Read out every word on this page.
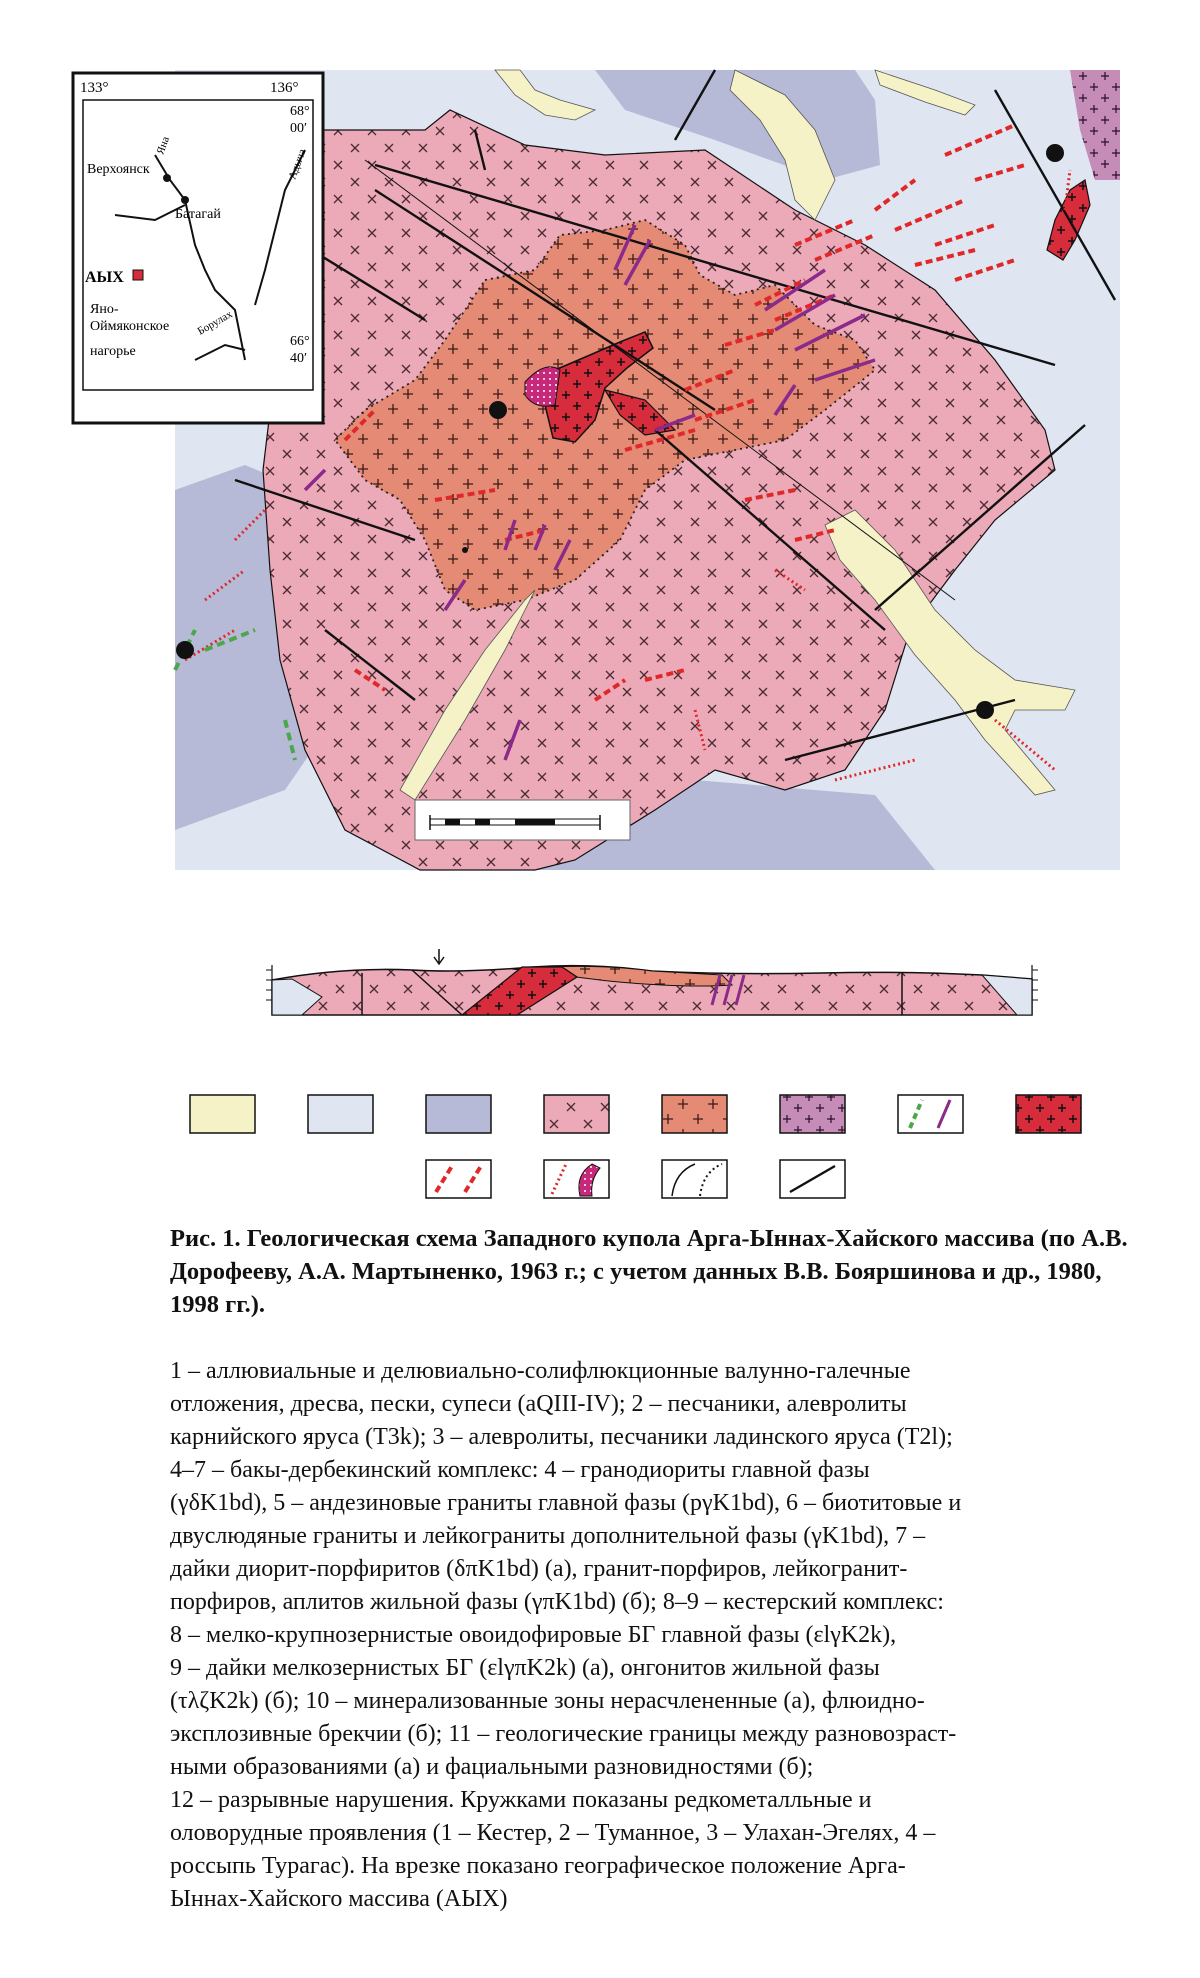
133°	136°
68°
00′
66°
40′
Верхоянск
Батагай
АЫХ
Яно-
Оймяконское
нагорье
Яна
Адыча
Борулах
Рис. 1. Геологическая схема Западного купола Арга-Ыннах-Хайского массива (по А.В. Дорофееву, А.А. Мартыненко, 1963 г.; с учетом данных В.В. Бояршинова и др., 1980, 1998 гг.).
1 – аллювиальные и делювиально-солифлюкционные валунно-галечные
отложения, дресва, пески, супеси (aQIII-IV); 2 – песчаники, алевролиты
карнийского яруса (T3k); 3 – алевролиты, песчаники ладинского яруса (T2l);
4–7 – бакы-дербекинский комплекс: 4 – гранодиориты главной фазы
(γδK1bd), 5 – андезиновые граниты главной фазы (рγK1bd), 6 – биотитовые и
двуслюдяные граниты и лейкограниты дополнительной фазы (γK1bd), 7 –
дайки диорит-порфиритов (δπK1bd) (а), гранит-порфиров, лейкогранит-
порфиров, аплитов жильной фазы (γπK1bd) (б); 8–9 – кестерский комплекс:
8 – мелко-крупнозернистые овоидофировые БГ главной фазы (εlγK2k),
9 – дайки мелкозернистых БГ (εlγπK2k) (а), онгонитов жильной фазы
(τλζK2k) (б); 10 – минерализованные зоны нерасчлененные (а), флюидно-
эксплозивные брекчии (б); 11 – геологические границы между разновозраст-
ными образованиями (а) и фациальными разновидностями (б);
12 – разрывные нарушения. Кружками показаны редкометалльные и
оловорудные проявления (1 – Кестер, 2 – Туманное, 3 – Улахан-Эгелях, 4 –
россыпь Турагас). На врезке показано географическое положение Арга-
Ыннах-Хайского массива (АЫХ)
